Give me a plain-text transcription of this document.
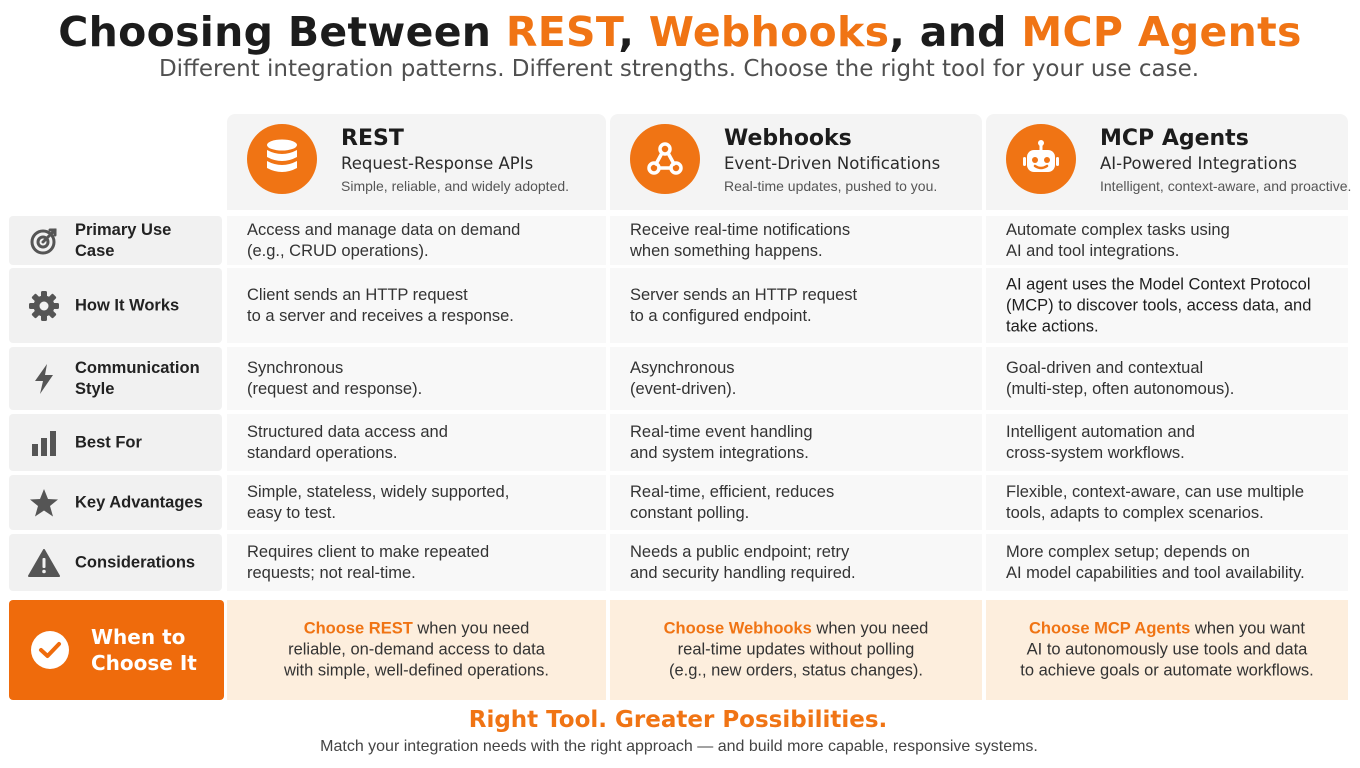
Choosing Between REST, Webhooks, and MCP Agents
Different integration patterns. Different strengths. Choose the right tool for your use case.
REST
Request-Response APIs
Simple, reliable, and widely adopted.
Webhooks
Event-Driven Notifications
Real-time updates, pushed to you.
MCP Agents
AI-Powered Integrations
Intelligent, context-aware, and proactive.
Primary Use Case
Access and manage data on demand
(e.g., CRUD operations).
Receive real-time notifications
when something happens.
Automate complex tasks using
AI and tool integrations.
How It Works
Client sends an HTTP request
to a server and receives a response.
Server sends an HTTP request
to a configured endpoint.
AI agent uses the Model Context Protocol
(MCP) to discover tools, access data, and
take actions.
Communication Style
Synchronous
(request and response).
Asynchronous
(event-driven).
Goal-driven and contextual
(multi-step, often autonomous).
Best For
Structured data access and
standard operations.
Real-time event handling
and system integrations.
Intelligent automation and
cross-system workflows.
Key Advantages
Simple, stateless, widely supported,
easy to test.
Real-time, efficient, reduces
constant polling.
Flexible, context-aware, can use multiple
tools, adapts to complex scenarios.
Considerations
Requires client to make repeated
requests; not real-time.
Needs a public endpoint; retry
and security handling required.
More complex setup; depends on
AI model capabilities and tool availability.
When to Choose It
Choose REST when you need
reliable, on-demand access to data
with simple, well-defined operations.
Choose Webhooks when you need
real-time updates without polling
(e.g., new orders, status changes).
Choose MCP Agents when you want
AI to autonomously use tools and data
to achieve goals or automate workflows.
Right Tool. Greater Possibilities.
Match your integration needs with the right approach — and build more capable, responsive systems.
